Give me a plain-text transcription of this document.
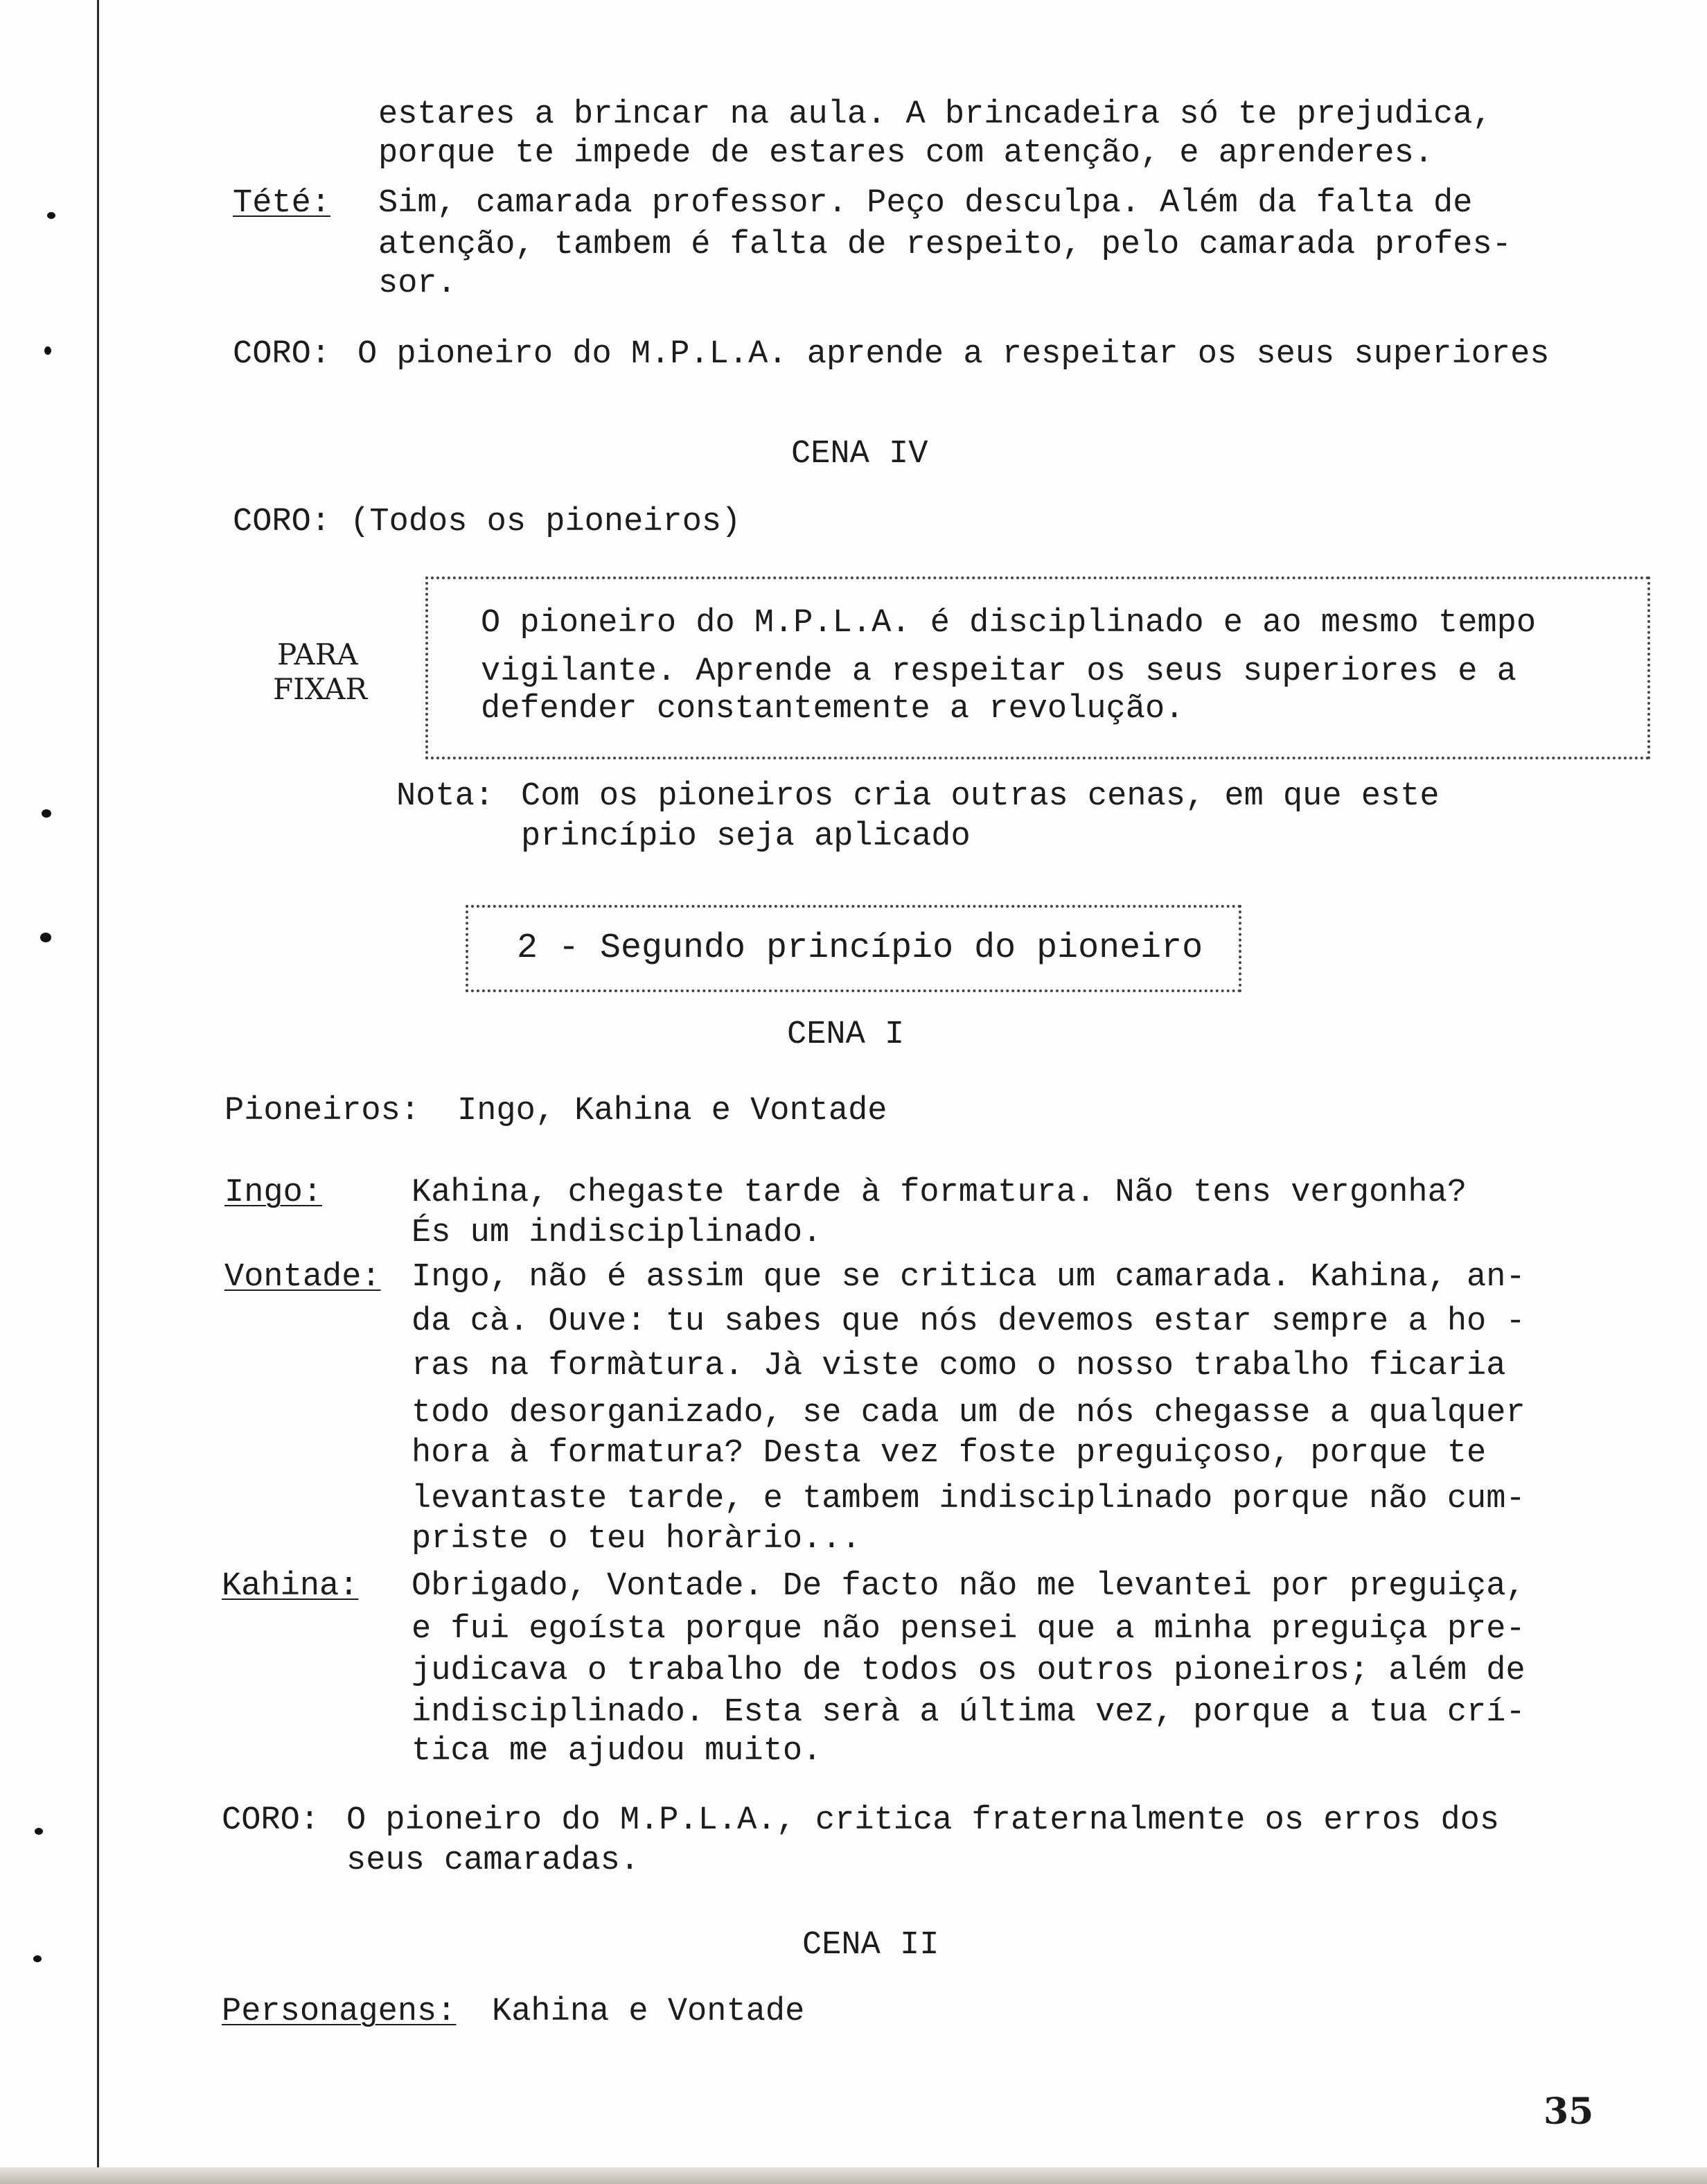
estares a brincar na aula. A brincadeira só te prejudica,
porque te impede de estares com atenção, e aprenderes.
Tété: Sim, camarada professor. Peço desculpa. Além da falta de
atenção, tambem é falta de respeito, pelo camarada profes-
sor.
CORO: O pioneiro do M.P.L.A. aprende a respeitar os seus superiores
CENA IV
CORO: (Todos os pioneiros)
PARA
FIXAR
O pioneiro do M.P.L.A. é disciplinado e ao mesmo tempo
vigilante. Aprende a respeitar os seus superiores e a
defender constantemente a revolução.
Nota: Com os pioneiros cria outras cenas, em que este
princípio seja aplicado
2 - Segundo princípio do pioneiro
CENA I
Pioneiros: Ingo, Kahina e Vontade
Ingo:	Kahina, chegaste tarde à formatura. Não tens vergonha?
És um indisciplinado.
Vontade: Ingo, não é assim que se critica um camarada. Kahina, an-
da cà. Ouve: tu sabes que nós devemos estar sempre a ho -
ras na formàtura. Jà viste como o nosso trabalho ficaria
todo desorganizado, se cada um de nós chegasse a qualquer
hora à formatura? Desta vez foste preguiçoso, porque te
levantaste tarde, e tambem indisciplinado porque não cum-
priste o teu horàrio...
Kahina: Obrigado, Vontade. De facto não me levantei por preguiça,
e fui egoísta porque não pensei que a minha preguiça pre-
judicava o trabalho de todos os outros pioneiros; além de
indisciplinado. Esta serà a última vez, porque a tua crí-
tica me ajudou muito.
CORO: O pioneiro do M.P.L.A., critica fraternalmente os erros dos
seus camaradas.
CENA II
Personagens: Kahina e Vontade
35
